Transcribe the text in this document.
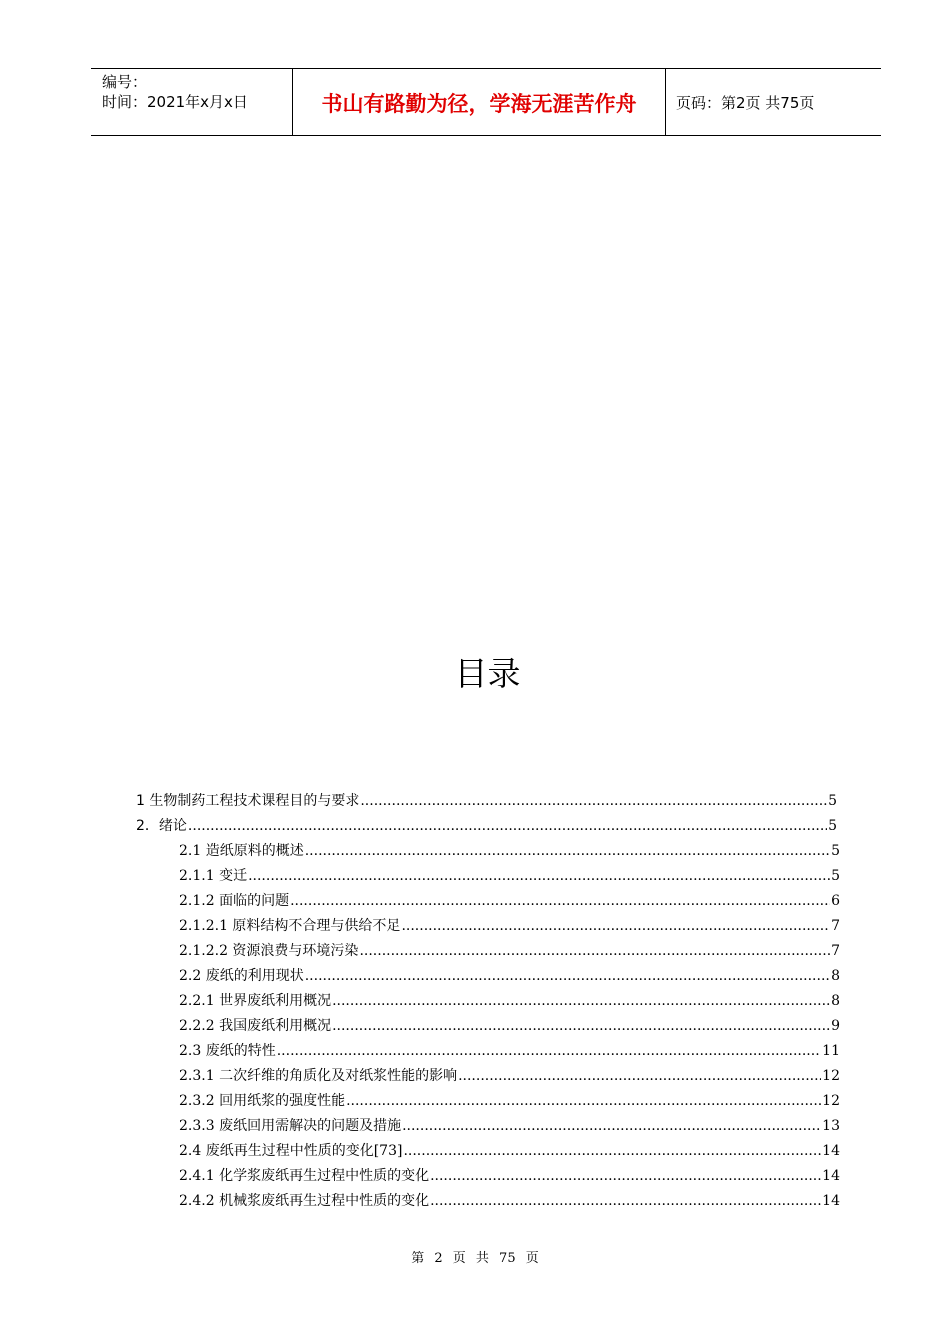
编号：
时间：2021年x月x日	书山有路勤为径，学海无涯苦作舟	页码：第2页 共75页
目录
1 生物制药工程技术课程目的与要求 .....	5
2．绪论 .....	5
2.1 造纸原料的概述 .....	5
2.1.1 变迁 .....	5
2.1.2 面临的问题 .....	6
2.1.2.1 原料结构不合理与供给不足 .....	7
2.1.2.2 资源浪费与环境污染 .....	7
2.2 废纸的利用现状 .....	8
2.2.1 世界废纸利用概况 .....	8
2.2.2 我国废纸利用概况 .....	9
2.3 废纸的特性 .....	11
2.3.1 二次纤维的角质化及对纸浆性能的影响 .....	12
2.3.2 回用纸浆的强度性能 .....	12
2.3.3 废纸回用需解决的问题及措施 .....	13
2.4 废纸再生过程中性质的变化[73] .....	14
2.4.1 化学浆废纸再生过程中性质的变化 .....	14
2.4.2 机械浆废纸再生过程中性质的变化 .....	14
第 2 页 共 75 页
